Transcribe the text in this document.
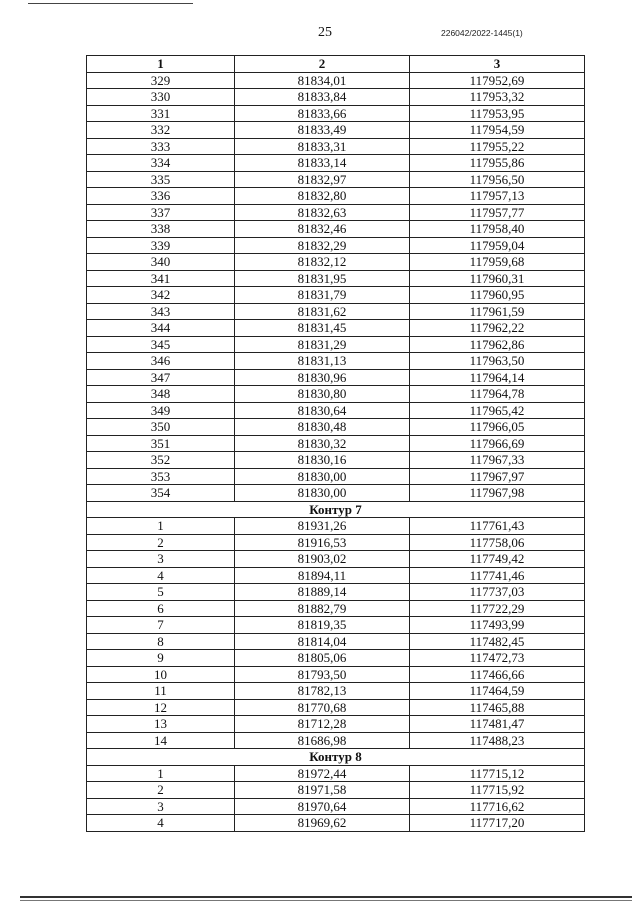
25	226042/2022-1445(1)
1	2	3
329	81834,01	117952,69
330	81833,84	117953,32
331	81833,66	117953,95
332	81833,49	117954,59
333	81833,31	117955,22
334	81833,14	117955,86
335	81832,97	117956,50
336	81832,80	117957,13
337	81832,63	117957,77
338	81832,46	117958,40
339	81832,29	117959,04
340	81832,12	117959,68
341	81831,95	117960,31
342	81831,79	117960,95
343	81831,62	117961,59
344	81831,45	117962,22
345	81831,29	117962,86
346	81831,13	117963,50
347	81830,96	117964,14
348	81830,80	117964,78
349	81830,64	117965,42
350	81830,48	117966,05
351	81830,32	117966,69
352	81830,16	117967,33
353	81830,00	117967,97
354	81830,00	117967,98
Контур 7		
1	81931,26	117761,43
2	81916,53	117758,06
3	81903,02	117749,42
4	81894,11	117741,46
5	81889,14	117737,03
6	81882,79	117722,29
7	81819,35	117493,99
8	81814,04	117482,45
9	81805,06	117472,73
10	81793,50	117466,66
11	81782,13	117464,59
12	81770,68	117465,88
13	81712,28	117481,47
14	81686,98	117488,23
Контур 8		
1	81972,44	117715,12
2	81971,58	117715,92
3	81970,64	117716,62
4	81969,62	117717,20
